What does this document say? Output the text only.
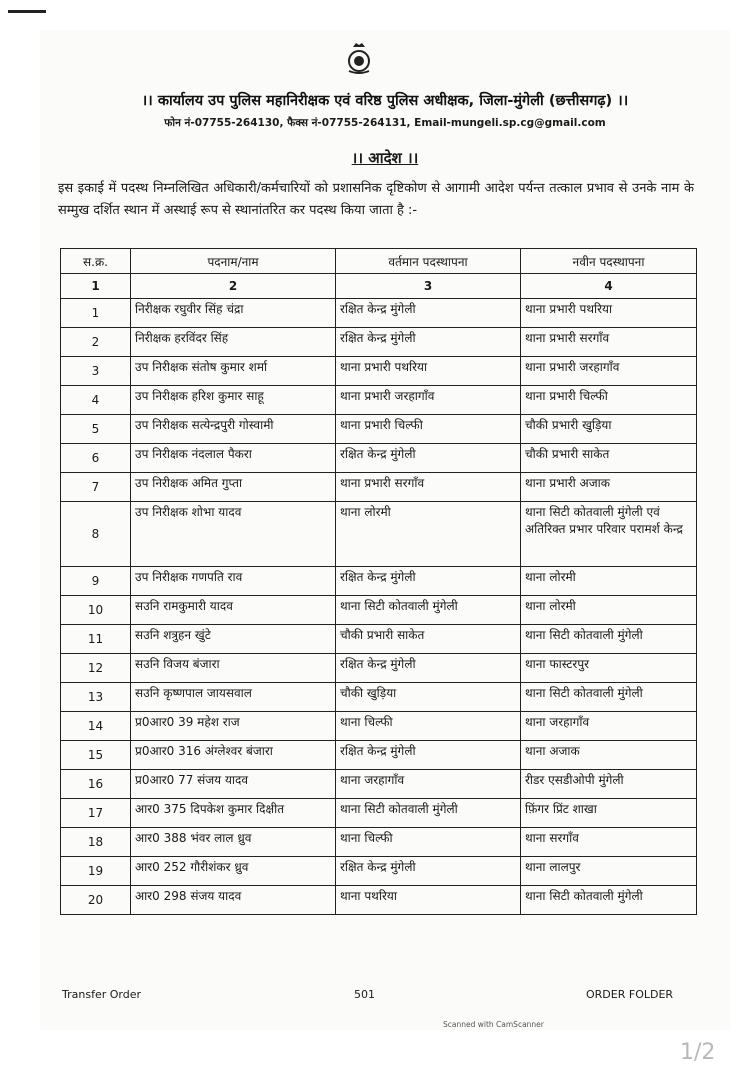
।। कार्यालय उप पुलिस महानिरीक्षक एवं वरिष्ठ पुलिस अधीक्षक, जिला-मुंगेली (छत्तीसगढ़) ।।
फोन नं-07755-264130, फैक्स नं-07755-264131, Email-mungeli.sp.cg@gmail.com
।। आदेश ।।
इस इकाई में पदस्थ निम्नलिखित अधिकारी/कर्मचारियों को प्रशासनिक दृष्टिकोण से आगामी आदेश पर्यन्त तत्काल प्रभाव से उनके नाम के सम्मुख दर्शित स्थान में अस्थाई रूप से स्थानांतरित कर पदस्थ किया जाता है :-
स.क्र.	पदनाम/नाम	वर्तमान पदस्थापना	नवीन पदस्थापना
1	2	3	4
1	निरीक्षक रघुवीर सिंह चंद्रा	रक्षित केन्द्र मुंगेली	थाना प्रभारी पथरिया
2	निरीक्षक हरविंदर सिंह	रक्षित केन्द्र मुंगेली	थाना प्रभारी सरगाँव
3	उप निरीक्षक संतोष कुमार शर्मा	थाना प्रभारी पथरिया	थाना प्रभारी जरहागाँव
4	उप निरीक्षक हरिश कुमार साहू	थाना प्रभारी जरहागाँव	थाना प्रभारी चिल्फी
5	उप निरीक्षक सत्येन्द्रपुरी गोस्वामी	थाना प्रभारी चिल्फी	चौकी प्रभारी खुड़िया
6	उप निरीक्षक नंदलाल पैकरा	रक्षित केन्द्र मुंगेली	चौकी प्रभारी साकेत
7	उप निरीक्षक अमित गुप्ता	थाना प्रभारी सरगाँव	थाना प्रभारी अजाक
8	उप निरीक्षक शोभा यादव	थाना लोरमी	थाना सिटी कोतवाली मुंगेली एवं अतिरिक्त प्रभार परिवार परामर्श केन्द्र
9	उप निरीक्षक गणपति राव	रक्षित केन्द्र मुंगेली	थाना लोरमी
10	सउनि रामकुमारी यादव	थाना सिटी कोतवाली मुंगेली	थाना लोरमी
11	सउनि शत्रुहन खुंटे	चौकी प्रभारी साकेत	थाना सिटी कोतवाली मुंगेली
12	सउनि विजय बंजारा	रक्षित केन्द्र मुंगेली	थाना फास्टरपुर
13	सउनि कृष्णपाल जायसवाल	चौकी खुड़िया	थाना सिटी कोतवाली मुंगेली
14	प्र0आर0 39 महेश राज	थाना चिल्फी	थाना जरहागाँव
15	प्र0आर0 316 अंग्लेश्वर बंजारा	रक्षित केन्द्र मुंगेली	थाना अजाक
16	प्र0आर0 77 संजय यादव	थाना जरहागाँव	रीडर एसडीओपी मुंगेली
17	आर0 375 दिपकेश कुमार दिक्षीत	थाना सिटी कोतवाली मुंगेली	फ़िंगर प्रिंट शाखा
18	आर0 388 भंवर लाल ध्रुव	थाना चिल्फी	थाना सरगाँव
19	आर0 252 गौरीशंकर ध्रुव	रक्षित केन्द्र मुंगेली	थाना लालपुर
20	आर0 298 संजय यादव	थाना पथरिया	थाना सिटी कोतवाली मुंगेली
Transfer Order	501	ORDER FOLDER
Scanned with CamScanner
1/2
